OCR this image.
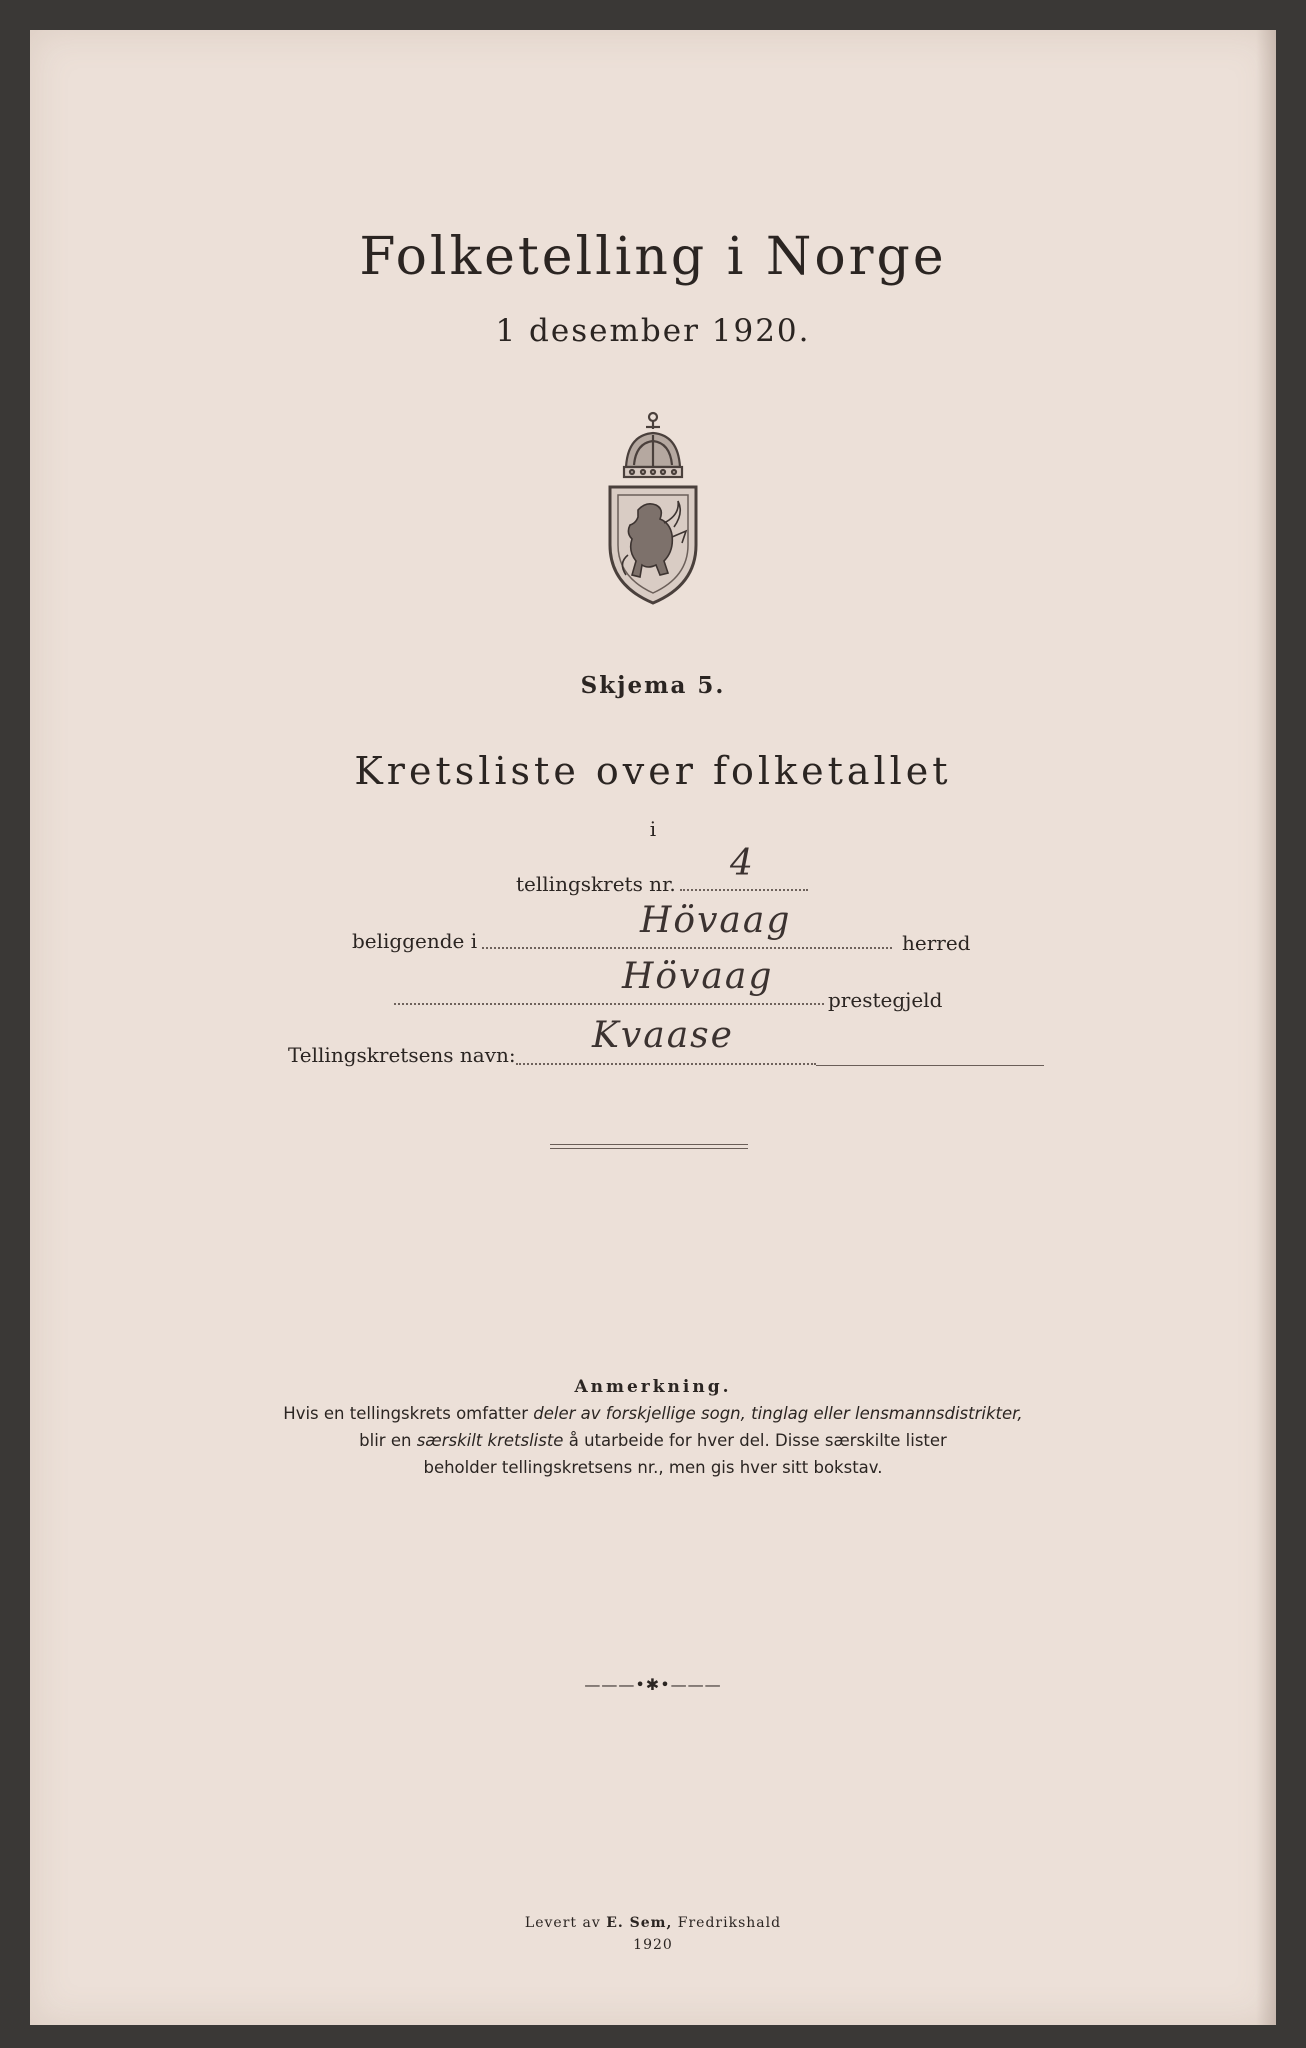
Folketelling i Norge
1 desember 1920.
Skjema 5.
Kretsliste over folketallet
i
tellingskrets nr. 4
beliggende i	Hövaag
herred
Hövaag
prestegjeld
Tellingskretsens navn: Kvaase
Anmerkning.
Hvis en tellingskrets omfatter deler av forskjellige sogn, tinglag eller lensmannsdistrikter,
blir en særskilt kretsliste å utarbeide for hver del. Disse særskilte lister
beholder tellingskretsens nr., men gis hver sitt bokstav.
———•✱•———
Levert av E. Sem, Fredrikshald
1920
